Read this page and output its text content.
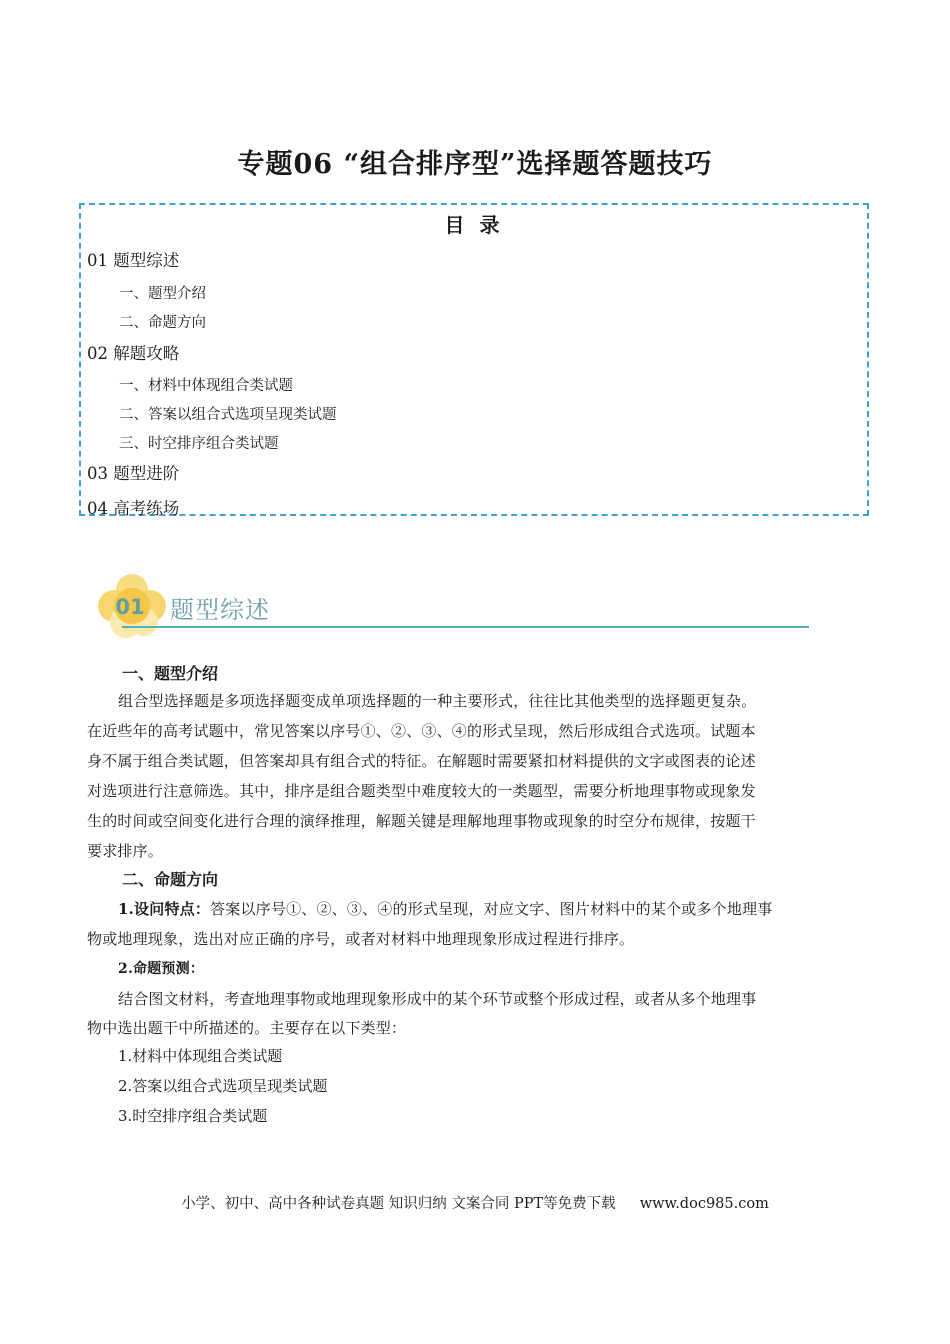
专题06 “组合排序型”选择题答题技巧
目 录
01 题型综述
一、题型介绍
二、命题方向
02 解题攻略
一、材料中体现组合类试题
二、答案以组合式选项呈现类试题
三、时空排序组合类试题
03 题型进阶
04 高考练场
01 题型综述
一、题型介绍
组合型选择题是多项选择题变成单项选择题的一种主要形式，往往比其他类型的选择题更复杂。
在近些年的高考试题中，常见答案以序号①、②、③、④的形式呈现，然后形成组合式选项。试题本
身不属于组合类试题，但答案却具有组合式的特征。在解题时需要紧扣材料提供的文字或图表的论述
对选项进行注意筛选。其中，排序是组合题类型中难度较大的一类题型，需要分析地理事物或现象发
生的时间或空间变化进行合理的演绎推理，解题关键是理解地理事物或现象的时空分布规律，按题干
要求排序。
二、命题方向
1.设问特点：答案以序号①、②、③、④的形式呈现，对应文字、图片材料中的某个或多个地理事
物或地理现象，选出对应正确的序号，或者对材料中地理现象形成过程进行排序。
2.命题预测：
结合图文材料，考查地理事物或地理现象形成中的某个环节或整个形成过程，或者从多个地理事
物中选出题干中所描述的。主要存在以下类型：
1.材料中体现组合类试题
2.答案以组合式选项呈现类试题
3.时空排序组合类试题
小学、初中、高中各种试卷真题 知识归纳 文案合同 PPT等免费下载 www.doc985.com
